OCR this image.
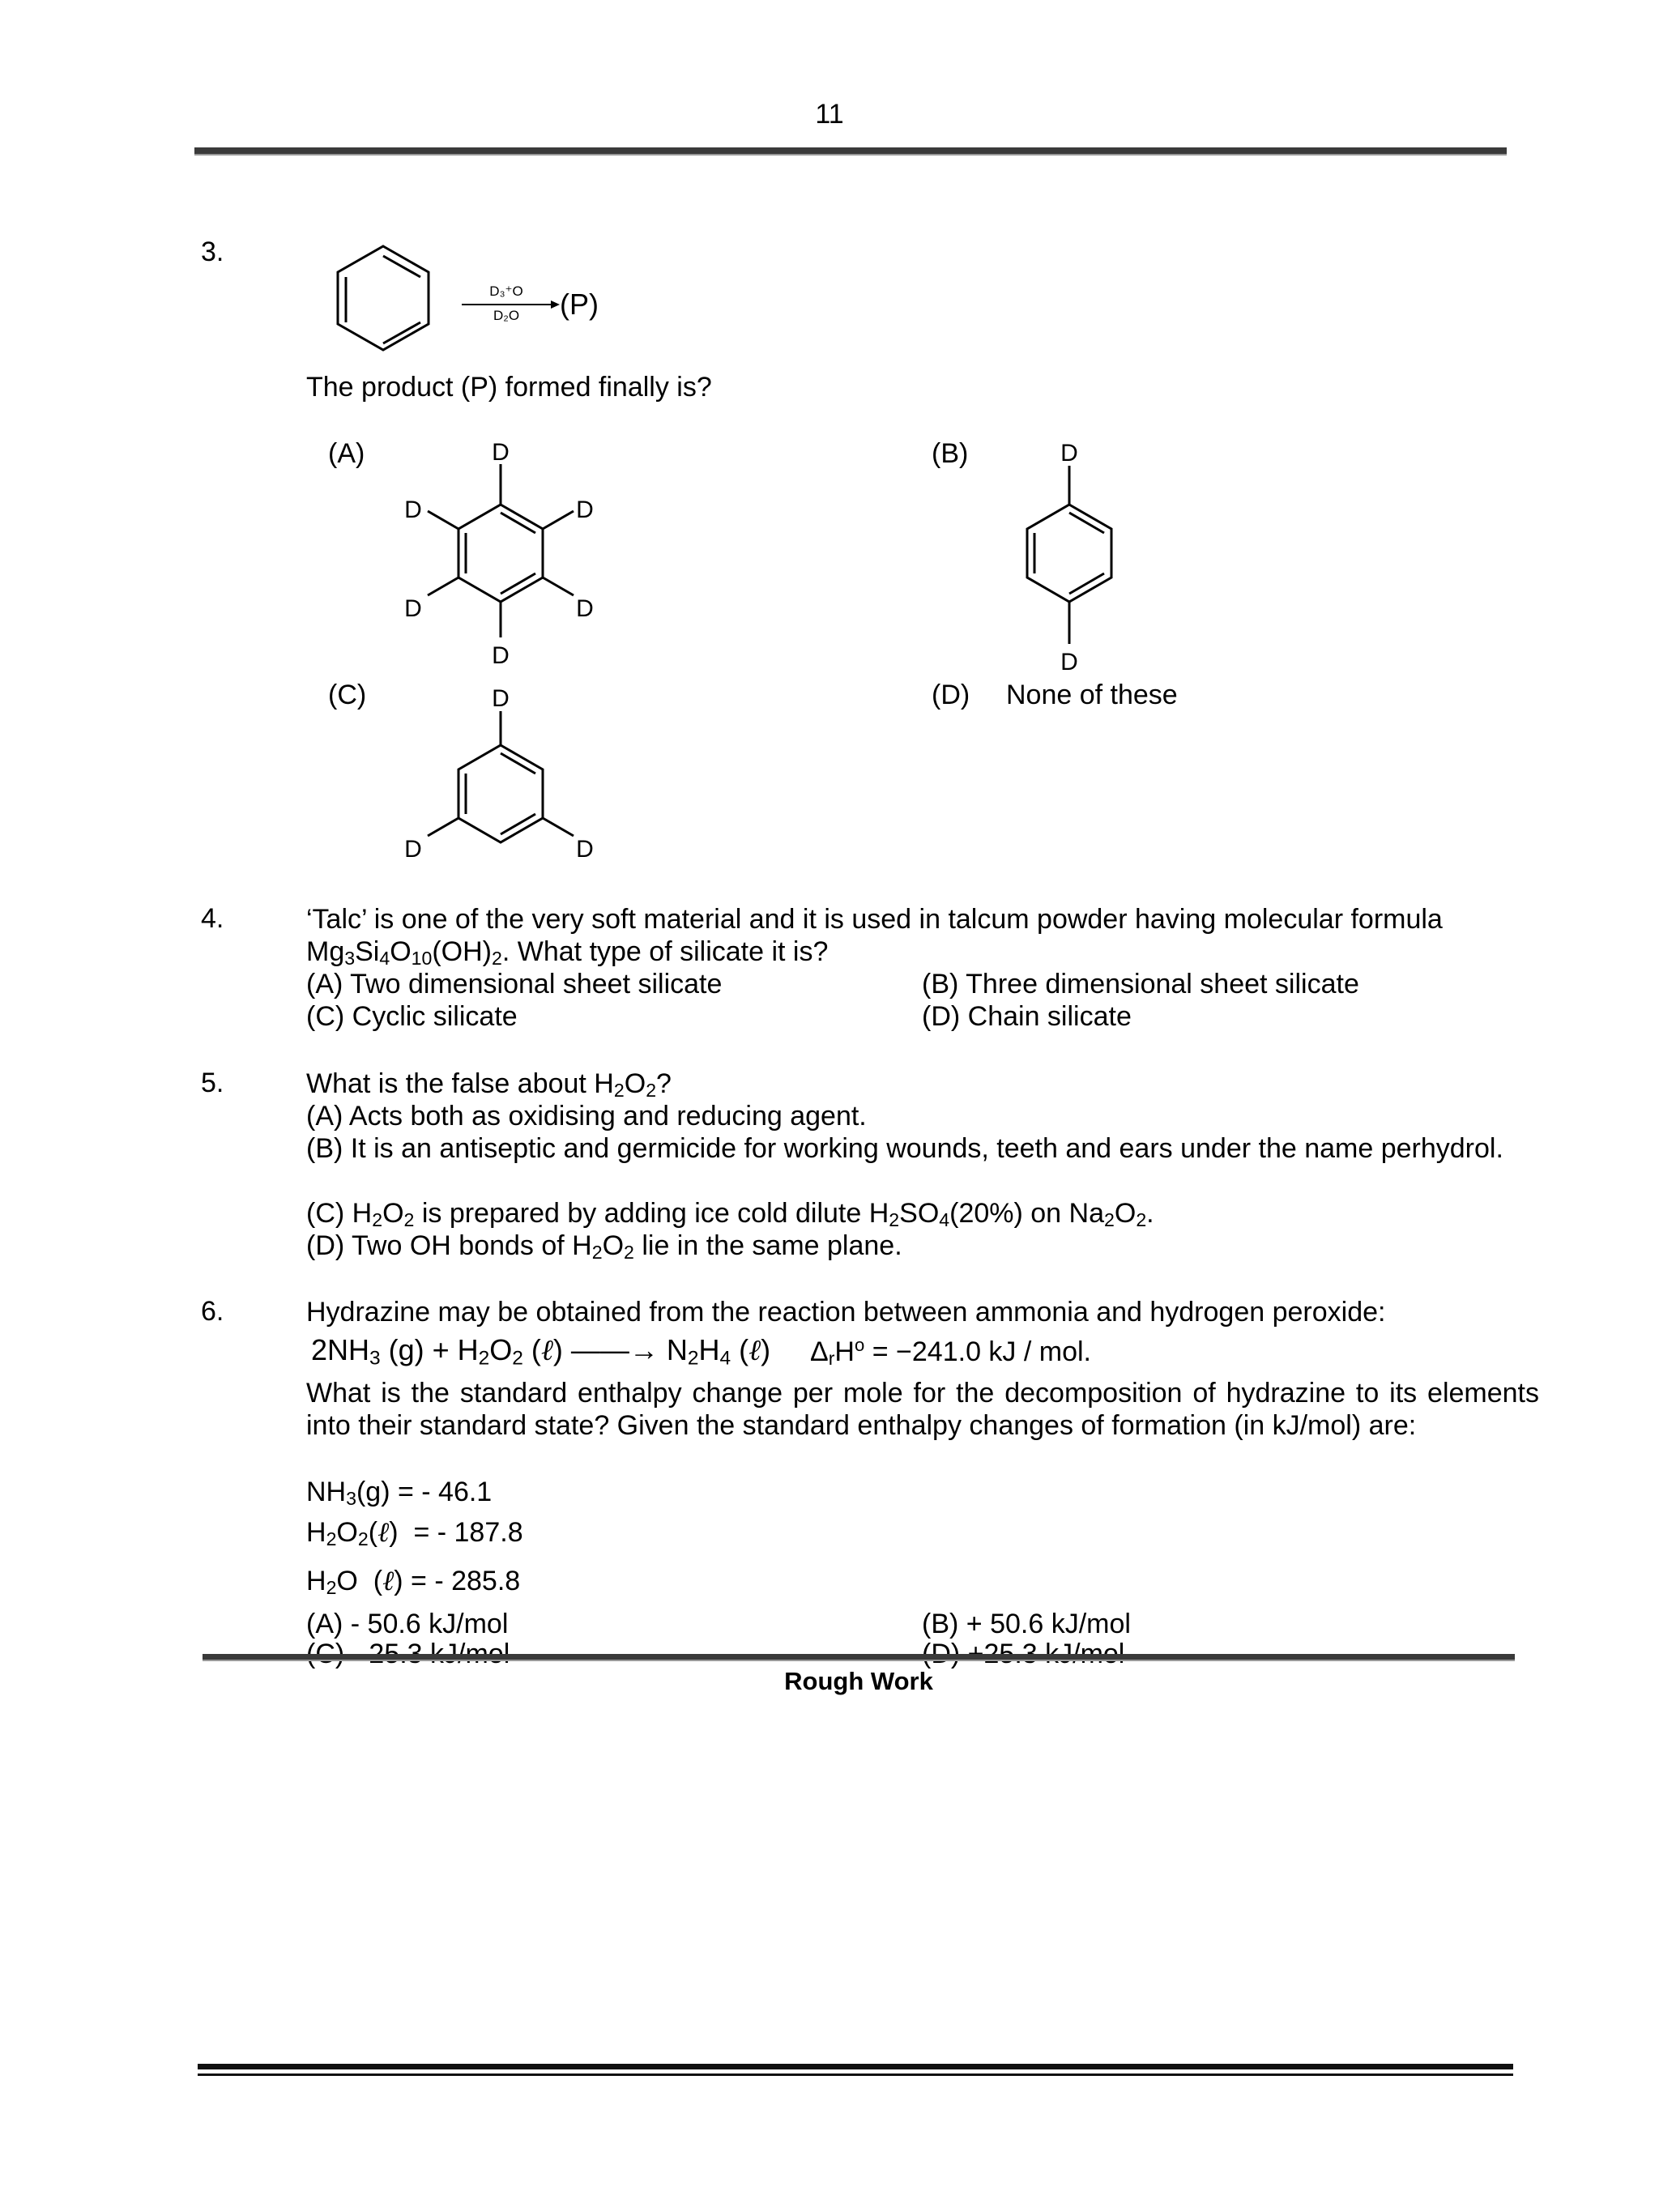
11
3.
D₃⁺O
D₂O (P)
The product (P) formed finally is?
(A)	(B)
D
D
D
D
D
D
D
D
(C)	(D) None of these
D
D
D
4.	‘Talc’ is one of the very soft material and it is used in talcum powder having molecular formula
$Mg_3Si_4O_{10}(OH)_2$. What type of silicate it is?
(A) Two dimensional sheet silicate	(B) Three dimensional sheet silicate
(C) Cyclic silicate	(D) Chain silicate
5.	What is the false about $H_2O_2$?
(A) Acts both as oxidising and reducing agent.
(B) It is an antiseptic and germicide for working wounds, teeth and ears under the name perhydrol.
(C) $H_2O_2$ is prepared by adding ice cold dilute $H_2SO_4(20\%)$ on $Na_2O_2$.
(D) Two OH bonds of $H_2O_2$ lie in the same plane.
6.	Hydrazine may be obtained from the reaction between ammonia and hydrogen peroxide:
$2NH_3$ $(g) + H_2O_2$ (ℓ) ——→ $N_2H_4$ (ℓ) $\Delta_rH^o = -241.0$ kJ / mol.
What is the standard enthalpy change per mole for the decomposition of hydrazine to its elements into their standard state? Given the standard enthalpy changes of formation (in kJ/mol) are:
$NH_3(g)$ = - 46.1
$H_2O_2(\ell)$  = - 187.8
$H_2O$  (ℓ) = - 285.8
(A) - 50.6 kJ/mol	(B) + 50.6 kJ/mol
Rough Work
